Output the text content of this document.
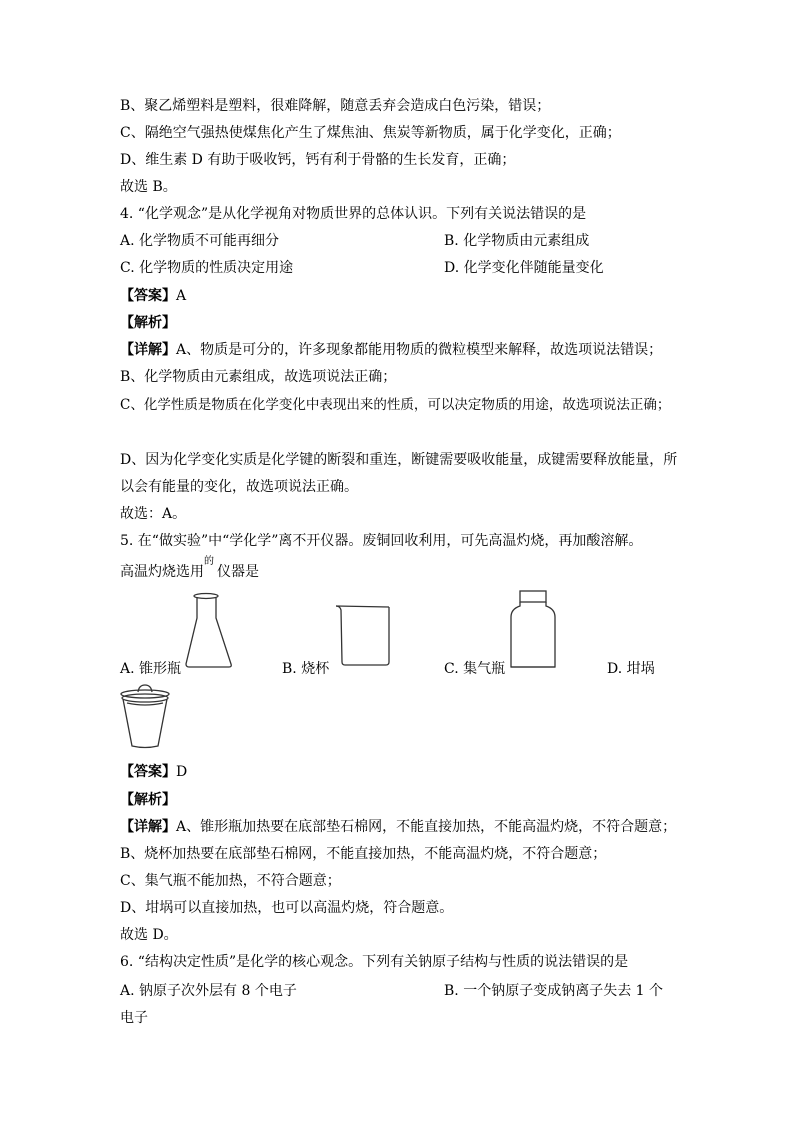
B、聚乙烯塑料是塑料，很难降解，随意丢弃会造成白色污染，错误；
C、隔绝空气强热使煤焦化产生了煤焦油、焦炭等新物质，属于化学变化，正确；
D、维生素 D 有助于吸收钙，钙有利于骨骼的生长发育，正确；
故选 B。
4. “化学观念”是从化学视角对物质世界的总体认识。下列有关说法错误的是
A. 化学物质不可能再细分	B. 化学物质由元素组成
C. 化学物质的性质决定用途	D. 化学变化伴随能量变化
【答案】A
【解析】
【详解】A、物质是可分的，许多现象都能用物质的微粒模型来解释，故选项说法错误；
B、化学物质由元素组成，故选项说法正确；
C、化学性质是物质在化学变化中表现出来的性质，可以决定物质的用途，故选项说法正确；
D、因为化学变化实质是化学键的断裂和重连，断键需要吸收能量，成键需要释放能量，所
以会有能量的变化，故选项说法正确。
故选：A。
5. 在“做实验”中“学化学”离不开仪器。废铜回收利用，可先高温灼烧，再加酸溶解。
高温灼烧选用
的
仪器是
A. 锥形瓶	B. 烧杯	C. 集气瓶	D. 坩埚
【答案】D
【解析】
【详解】A、锥形瓶加热要在底部垫石棉网，不能直接加热，不能高温灼烧，不符合题意；
B、烧杯加热要在底部垫石棉网，不能直接加热，不能高温灼烧，不符合题意；
C、集气瓶不能加热，不符合题意；
D、坩埚可以直接加热，也可以高温灼烧，符合题意。
故选 D。
6. “结构决定性质”是化学的核心观念。下列有关钠原子结构与性质的说法错误的是
A. 钠原子次外层有 8 个电子	B. 一个钠原子变成钠离子失去 1 个
电子
